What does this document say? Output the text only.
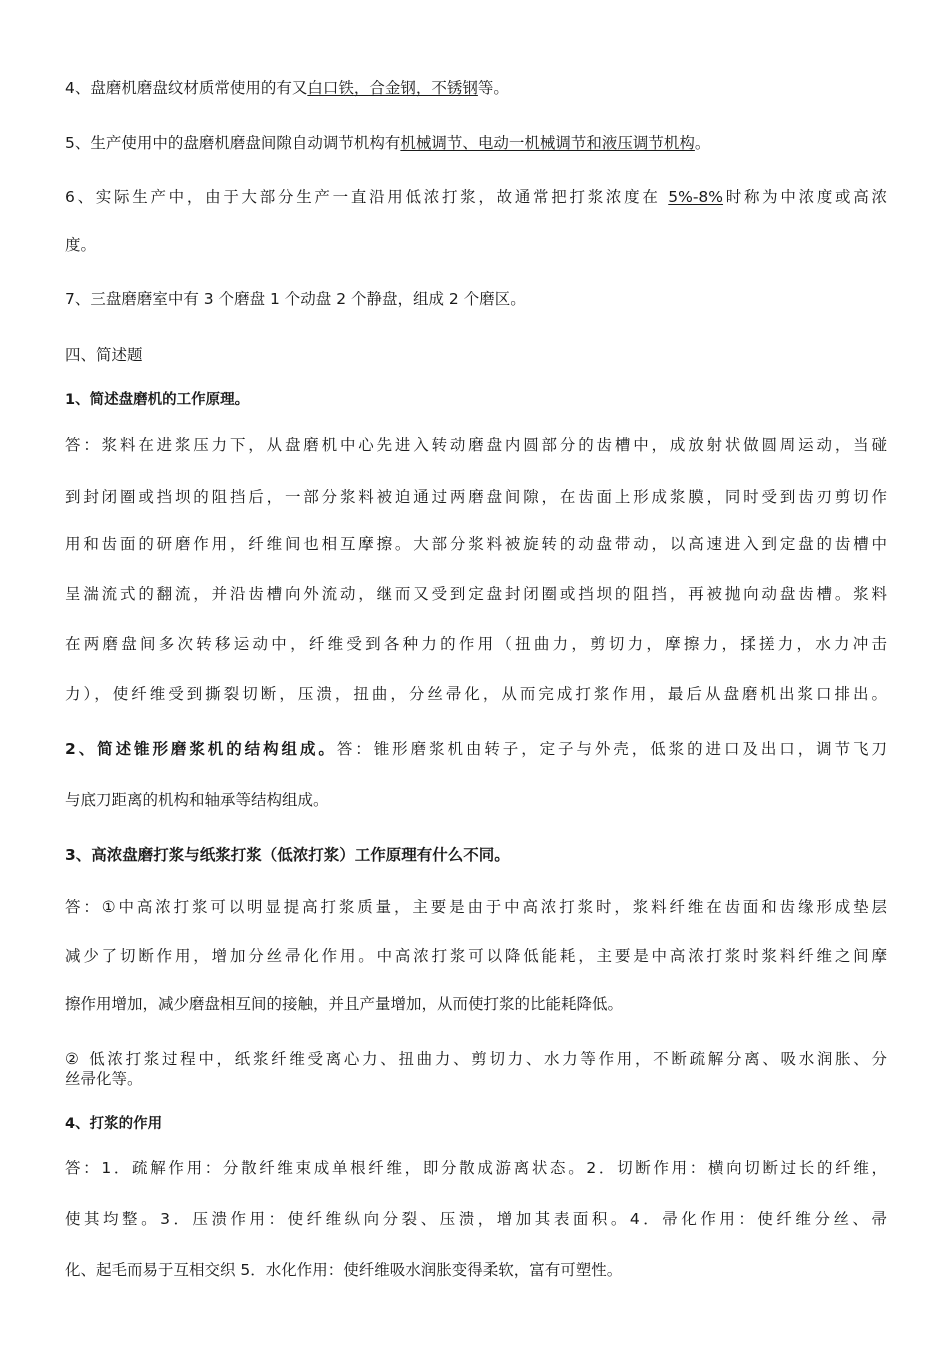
4、盘磨机磨盘纹材质常使用的有又白口铁，合金钢，不锈钢等。
5、生产使用中的盘磨机磨盘间隙自动调节机构有机械调节、电动一机械调节和液压调节机构。
6、实际生产中，由于大部分生产一直沿用低浓打浆，故通常把打浆浓度在 5%-8%时称为中浓度或高浓
度。
7、三盘磨磨室中有 3 个磨盘 1 个动盘 2 个静盘，组成 2 个磨区。
四、简述题
1、简述盘磨机的工作原理。
答：浆料在进浆压力下，从盘磨机中心先进入转动磨盘内圆部分的齿槽中，成放射状做圆周运动，当碰
到封闭圈或挡坝的阻挡后，一部分浆料被迫通过两磨盘间隙，在齿面上形成浆膜，同时受到齿刃剪切作
用和齿面的研磨作用，纤维间也相互摩擦。大部分浆料被旋转的动盘带动，以高速进入到定盘的齿槽中
呈湍流式的翻流，并沿齿槽向外流动，继而又受到定盘封闭圈或挡坝的阻挡，再被抛向动盘齿槽。浆料
在两磨盘间多次转移运动中，纤维受到各种力的作用（扭曲力，剪切力，摩擦力，揉搓力，水力冲击
力），使纤维受到撕裂切断，压溃，扭曲，分丝帚化，从而完成打浆作用，最后从盘磨机出浆口排出。
2、简述锥形磨浆机的结构组成。答：锥形磨浆机由转子，定子与外壳，低浆的进口及出口，调节飞刀
与底刀距离的机构和轴承等结构组成。
3、高浓盘磨打浆与纸浆打浆（低浓打浆）工作原理有什么不同。
答：①中高浓打浆可以明显提高打浆质量，主要是由于中高浓打浆时，浆料纤维在齿面和齿缘形成垫层
减少了切断作用，增加分丝帚化作用。中高浓打浆可以降低能耗，主要是中高浓打浆时浆料纤维之间摩
擦作用增加，减少磨盘相互间的接触，并且产量增加，从而使打浆的比能耗降低。
② 低浓打浆过程中，纸浆纤维受离心力、扭曲力、剪切力、水力等作用，不断疏解分离、吸水润胀、分
丝帚化等。
4、打浆的作用
答：1．疏解作用：分散纤维束成单根纤维，即分散成游离状态。2．切断作用：横向切断过长的纤维，
使其均整。3．压溃作用：使纤维纵向分裂、压溃，增加其表面积。4．帚化作用：使纤维分丝、帚
化、起毛而易于互相交织 5．水化作用：使纤维吸水润胀变得柔软，富有可塑性。
